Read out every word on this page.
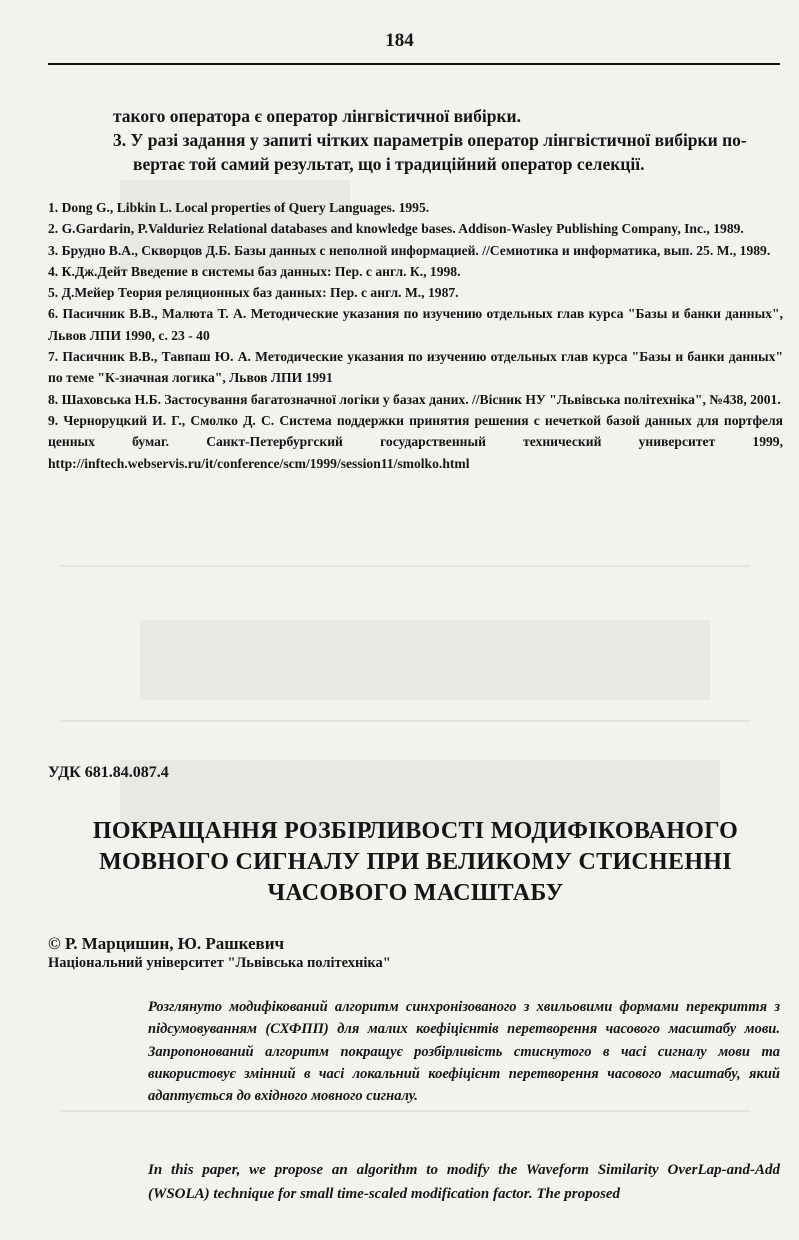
184

такого оператора є оператор лінгвістичної вибірки.

3. У разі задання у запиті чітких параметрів оператор лінгвістичної вибірки по-

вертає той самий результат, що і традиційний оператор селекції.

1. Dong G., Libkin L. Local properties of Query Languages. 1995.

2. G.Gardarin, P.Valduriez Relational databases and knowledge bases. Addison-Wasley Publishing Company, Inc., 1989.

3. Брудно В.А., Скворцов Д.Б. Базы данных с неполной информацией. //Семиотика и информатика, вып. 25. М., 1989.

4. К.Дж.Дейт Введение в системы баз данных: Пер. с англ. К., 1998.

5. Д.Мейер Теория реляционных баз данных: Пер. с англ. М., 1987.

6. Пасичник В.В., Малюта Т. А. Методические указания по изучению отдельных глав курса "Базы и банки данных", Львов ЛПИ 1990, с. 23 - 40

7. Пасичник В.В., Тавпаш Ю. А. Методические указания по изучению отдельных глав курса "Базы и банки данных" по теме "К-значная логика", Львов ЛПИ 1991

8. Шаховська Н.Б. Застосування багатозначної логіки у базах даних. //Вісник НУ "Львівська політехніка", №438, 2001.

9. Черноруцкий И. Г., Смолко Д. С. Система поддержки принятия решения с нечеткой базой данных для портфеля ценных бумаг. Санкт-Петербургский государственный технический университет 1999, http://inftech.webservis.ru/it/conference/scm/1999/session11/smolko.html

УДК 681.84.087.4
ПОКРАЩАННЯ РОЗБІРЛИВОСТІ МОДИФІКОВАНОГО
МОВНОГО СИГНАЛУ ПРИ ВЕЛИКОМУ СТИСНЕННІ
ЧАСОВОГО МАСШТАБУ
© Р. Марцишин, Ю. Рашкевич
Національний університет "Львівська політехніка"
Розглянуто модифікований алгоритм синхронізованого з хвильовими формами перекриття з підсумовуванням (СХФПП) для малих коефіцієнтів перетворення часового масштабу мови. Запропонований алгоритм покращує розбірливість стиснутого в часі сигналу мови та використовує змінний в часі локальний коефіцієнт перетворення часового масштабу, який адаптується до вхідного мовного сигналу.
In this paper, we propose an algorithm to modify the Waveform Similarity OverLap-and-Add (WSOLA) technique for small time-scaled modification factor. The proposed
